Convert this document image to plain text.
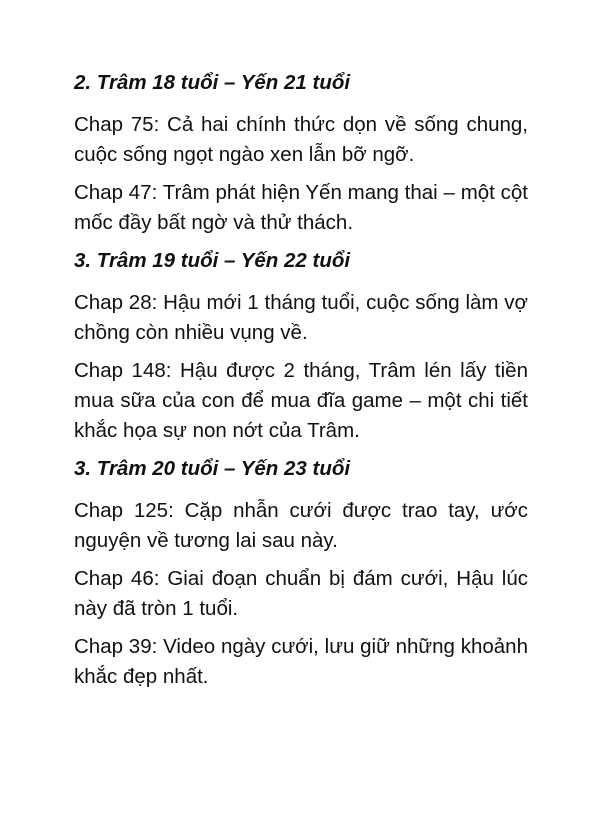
2. Trâm 18 tuổi – Yến 21 tuổi

Chap 75: Cả hai chính thức dọn về sống chung, cuộc sống ngọt ngào xen lẫn bỡ ngỡ.

Chap 47: Trâm phát hiện Yến mang thai – một cột mốc đầy bất ngờ và thử thách.

3. Trâm 19 tuổi – Yến 22 tuổi

Chap 28: Hậu mới 1 tháng tuổi, cuộc sống làm vợ chồng còn nhiều vụng về.

Chap 148: Hậu được 2 tháng, Trâm lén lấy tiền mua sữa của con để mua đĩa game – một chi tiết khắc họa sự non nớt của Trâm.

3. Trâm 20 tuổi – Yến 23 tuổi

Chap 125: Cặp nhẫn cưới được trao tay, ước nguyện về tương lai sau này.

Chap 46: Giai đoạn chuẩn bị đám cưới, Hậu lúc này đã tròn 1 tuổi.

Chap 39: Video ngày cưới, lưu giữ những khoảnh khắc đẹp nhất.
